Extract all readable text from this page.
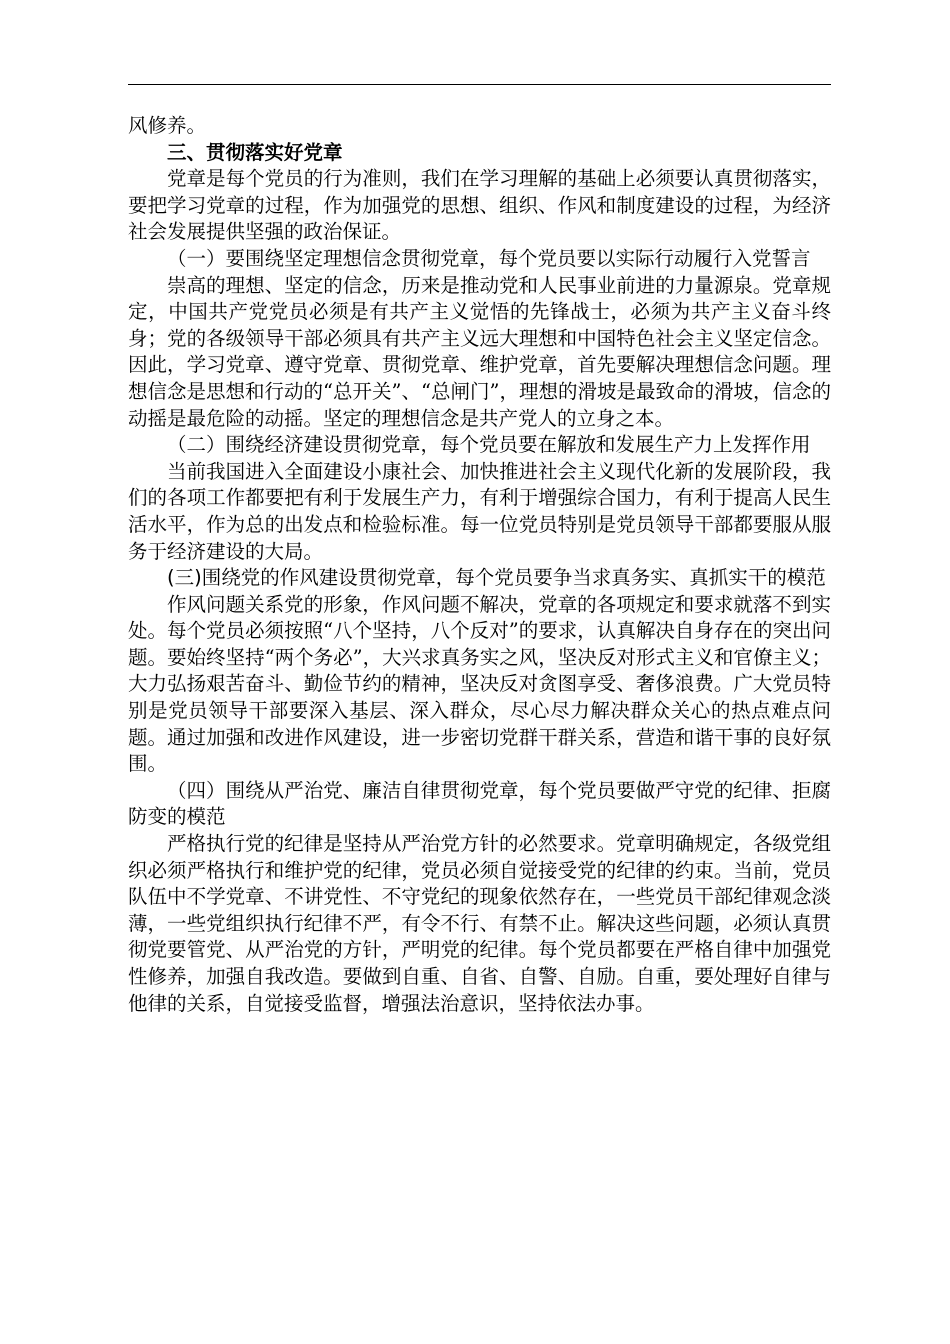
风修养。

三、贯彻落实好党章

党章是每个党员的行为准则，我们在学习理解的基础上必须要认真贯彻落实，要把学习党章的过程，作为加强党的思想、组织、作风和制度建设的过程，为经济社会发展提供坚强的政治保证。

（一）要围绕坚定理想信念贯彻党章，每个党员要以实际行动履行入党誓言

崇高的理想、坚定的信念，历来是推动党和人民事业前进的力量源泉。党章规定，中国共产党党员必须是有共产主义觉悟的先锋战士，必须为共产主义奋斗终身；党的各级领导干部必须具有共产主义远大理想和中国特色社会主义坚定信念。因此，学习党章、遵守党章、贯彻党章、维护党章，首先要解决理想信念问题。理想信念是思想和行动的“总开关”、“总闸门”，理想的滑坡是最致命的滑坡，信念的动摇是最危险的动摇。坚定的理想信念是共产党人的立身之本。

（二）围绕经济建设贯彻党章，每个党员要在解放和发展生产力上发挥作用

当前我国进入全面建设小康社会、加快推进社会主义现代化新的发展阶段，我们的各项工作都要把有利于发展生产力，有利于增强综合国力，有利于提高人民生活水平，作为总的出发点和检验标准。每一位党员特别是党员领导干部都要服从服务于经济建设的大局。

(三)围绕党的作风建设贯彻党章，每个党员要争当求真务实、真抓实干的模范

作风问题关系党的形象，作风问题不解决，党章的各项规定和要求就落不到实处。每个党员必须按照“八个坚持，八个反对”的要求，认真解决自身存在的突出问题。要始终坚持“两个务必”，大兴求真务实之风，坚决反对形式主义和官僚主义；大力弘扬艰苦奋斗、勤俭节约的精神，坚决反对贪图享受、奢侈浪费。广大党员特别是党员领导干部要深入基层、深入群众，尽心尽力解决群众关心的热点难点问题。通过加强和改进作风建设，进一步密切党群干群关系，营造和谐干事的良好氛围。

（四）围绕从严治党、廉洁自律贯彻党章，每个党员要做严守党的纪律、拒腐防变的模范

严格执行党的纪律是坚持从严治党方针的必然要求。党章明确规定，各级党组织必须严格执行和维护党的纪律，党员必须自觉接受党的纪律的约束。当前，党员队伍中不学党章、不讲党性、不守党纪的现象依然存在，一些党员干部纪律观念淡薄，一些党组织执行纪律不严，有令不行、有禁不止。解决这些问题，必须认真贯彻党要管党、从严治党的方针，严明党的纪律。每个党员都要在严格自律中加强党性修养，加强自我改造。要做到自重、自省、自警、自励。自重，要处理好自律与他律的关系，自觉接受监督，增强法治意识，坚持依法办事。
